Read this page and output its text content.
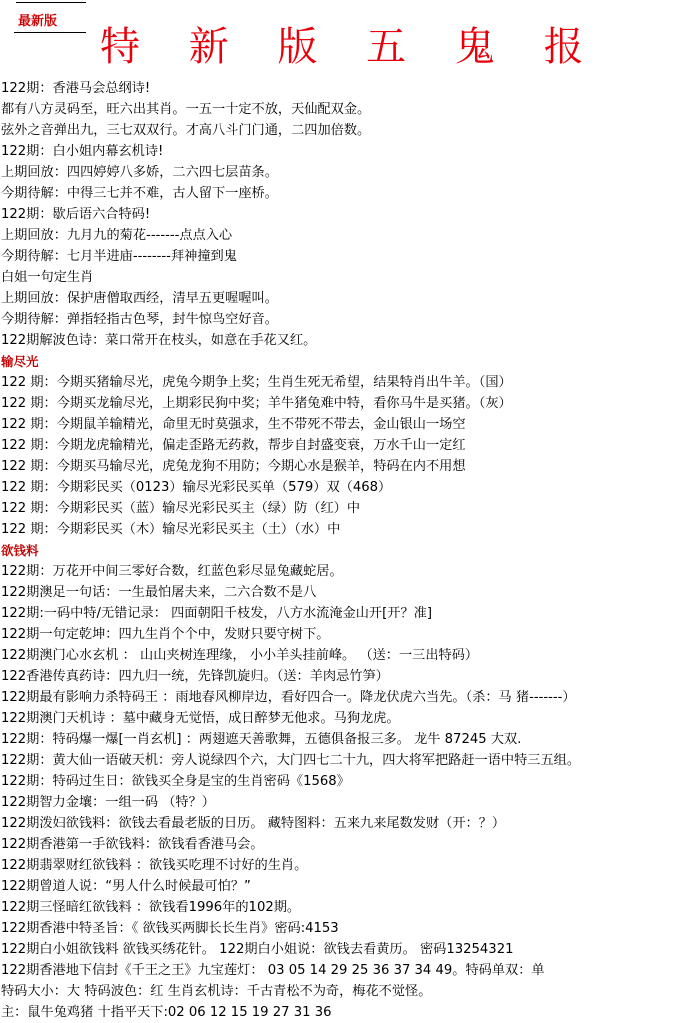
最新版
特 新 版 五 鬼 报
122期：香港马会总纲诗!
都有八方灵码至，旺六出其肖。一五一十定不放，天仙配双金。
弦外之音弹出九，三七双双行。才高八斗门门通，二四加倍数。
122期：白小姐内幕玄机诗!
上期回放：四四婷婷八多娇，二六四七层苗条。
今期待解：中得三七并不难，古人留下一座桥。
122期：歇后语六合特码!
上期回放：九月九的菊花-------点点入心
今期待解：七月半进庙--------拜神撞到鬼
白姐一句定生肖
上期回放：保护唐僧取西经，清早五更喔喔叫。
今期待解：弹指轻指古色琴，封牛惊鸟空好音。
122期解波色诗：菜口常开在枝头，如意在手花又红。
输尽光
122 期：今期买猪输尽光，虎兔今期争上奖；生肖生死无希望，结果特肖出牛羊。（国）
122 期：今期买龙输尽光，上期彩民狗中奖；羊牛猪兔难中特，看你马牛是买猪。（灰）
122 期：今期鼠羊输精光，命里无时莫强求，生不带死不带去，金山银山一场空
122 期：今期龙虎输精光，偏走歪路无药救，帮步自封盛变衰，万水千山一定红
122 期：今期买马输尽光，虎兔龙狗不用防；今期心水是猴羊，特码在内不用想
122 期：今期彩民买（0123）输尽光彩民买单（579）双（468）
122 期：今期彩民买（蓝）输尽光彩民买主（绿）防（红）中
122 期：今期彩民买（木）输尽光彩民买主（土）（水）中
欲钱料
122期：万花开中间三零好合数，红蓝色彩尽显兔藏蛇居。
122期澳足一句话：一生最怕屠夫来，二六合数不是八
122期:一码中特/无错记录： 四面朝阳千枝发，八方水流淹金山开[开？准]
122期一句定乾坤：四九生肖个个中，发财只要守树下。
122期澳门心水玄机 ： 山山夹树连理缘， 小小羊头挂前峰。 （送：一三出特码）
122香港传真药诗：四九归一统，先锋凯旋归。（送：羊肉忌竹笋）
122期最有影响力杀特码王 ：雨地春风柳岸边，看好四合一。降龙伏虎六当先。（杀：马 猪-------）
122期澳门天机诗 ：墓中藏身无觉悟，成日醉梦无他求。马狗龙虎。
122期：特码爆一爆[一肖玄机] ：两翅遮天善歌舞，五德俱备报三多。 龙牛 87245 大双.
122期：黄大仙一语破天机：旁人说绿四个六，大门四七二十九，四大将军把路赶一语中特三五组。
122期：特码过生日：欲钱买全身是宝的生肖密码《1568》
122期智力金壤：一组一码 （特？）
122期泼妇欲钱料：欲钱去看最老版的日历。 藏特图料：五来九来尾数发财（开：？）
122期香港第一手欲钱料：欲钱看香港马会。
122期翡翠财红欲钱料 ：欲钱买吃理不讨好的生肖。
122期曾道人说：“男人什么时候最可怕？”
122期三怪暗红欲钱料 ：欲钱看1996年的102期。
122期香港中特圣旨：《 欲钱买两脚长长生肖》密码:4153
122期白小姐欲钱料 欲钱买绣花针。 122期白小姐说：欲钱去看黄历。 密码13254321
122期香港地下信封《千王之王》九宝莲灯： 03 05 14 29 25 36 37 34 49。特码单双：单
特码大小：大 特码波色：红 生肖玄机诗：千古青松不为奇，梅花不觉怪。
主：鼠牛兔鸡猪 十指平天下:02 06 12 15 19 27 31 36
